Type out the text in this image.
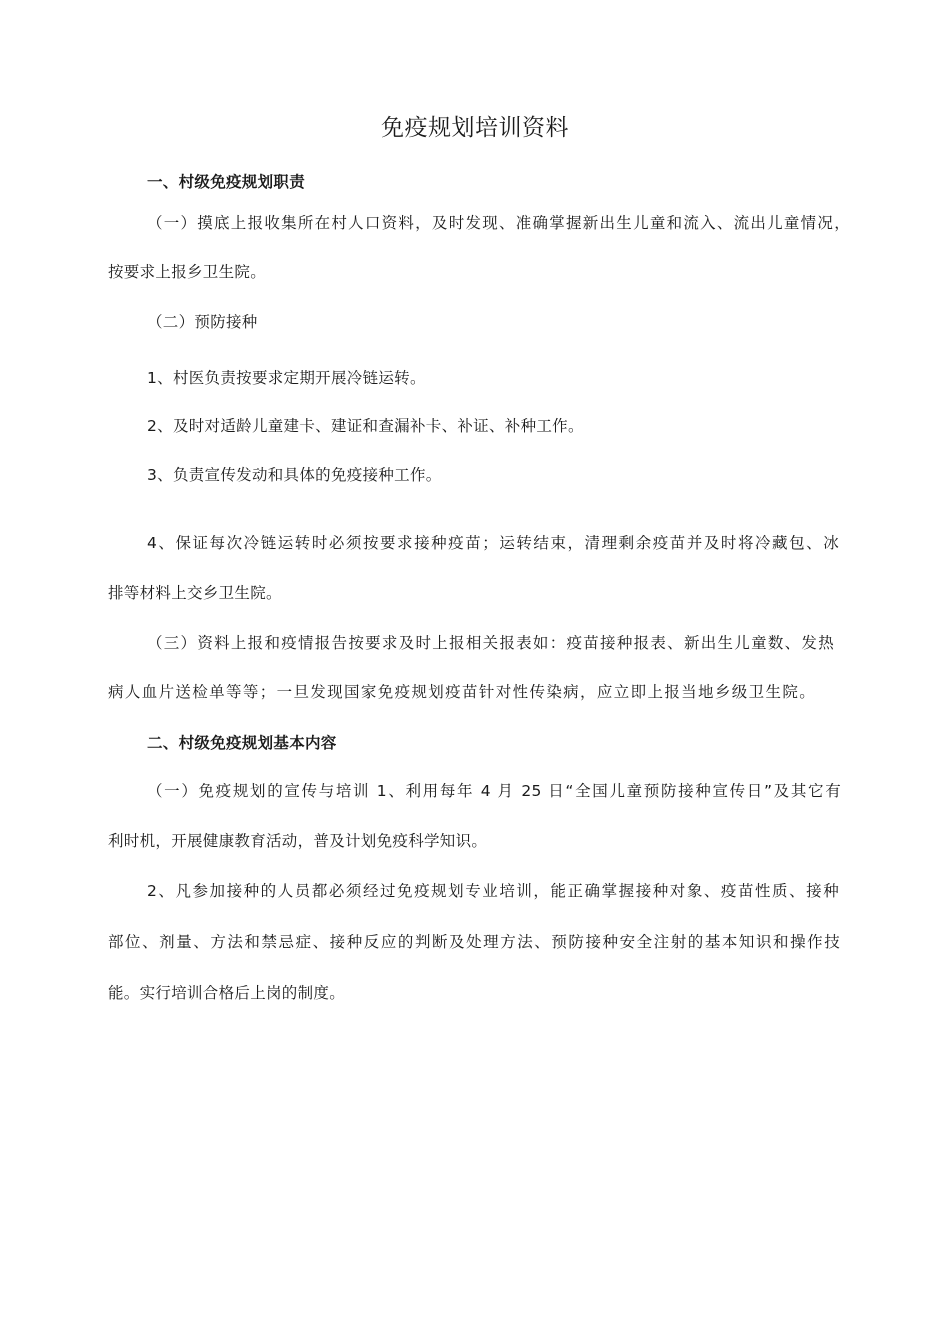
免疫规划培训资料
一、村级免疫规划职责
（一）摸底上报收集所在村人口资料，及时发现、准确掌握新出生儿童和流入、流出儿童情况，
按要求上报乡卫生院。
（二）预防接种
1、村医负责按要求定期开展冷链运转。
2、及时对适龄儿童建卡、建证和查漏补卡、补证、补种工作。
3、负责宣传发动和具体的免疫接种工作。
4、保证每次冷链运转时必须按要求接种疫苗；运转结束，清理剩余疫苗并及时将冷藏包、冰
排等材料上交乡卫生院。
（三）资料上报和疫情报告按要求及时上报相关报表如：疫苗接种报表、新出生儿童数、发热
病人血片送检单等等；一旦发现国家免疫规划疫苗针对性传染病，应立即上报当地乡级卫生院。
二、村级免疫规划基本内容
（一）免疫规划的宣传与培训 1、利用每年 4 月 25 日“全国儿童预防接种宣传日”及其它有
利时机，开展健康教育活动，普及计划免疫科学知识。
2、凡参加接种的人员都必须经过免疫规划专业培训，能正确掌握接种对象、疫苗性质、接种
部位、剂量、方法和禁忌症、接种反应的判断及处理方法、预防接种安全注射的基本知识和操作技
能。实行培训合格后上岗的制度。
